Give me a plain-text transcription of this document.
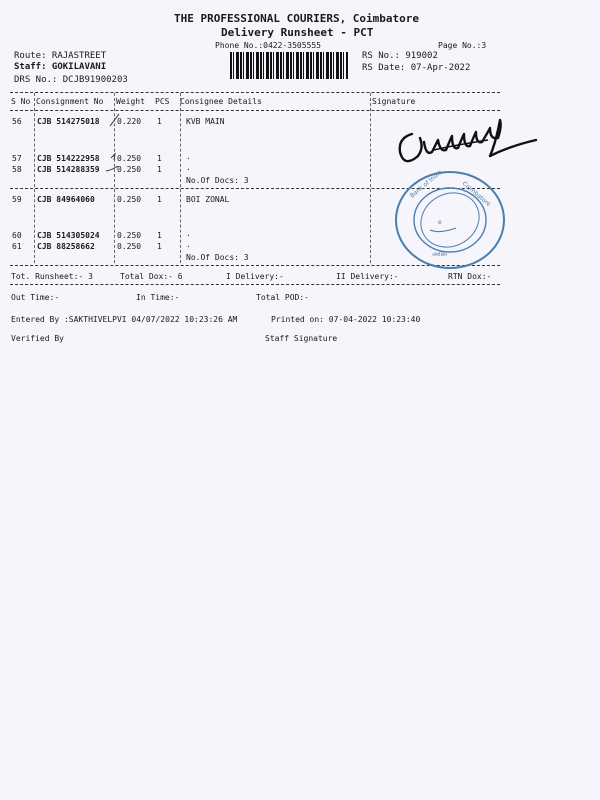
THE PROFESSIONAL COURIERS, Coimbatore
Delivery Runsheet - PCT
Phone No.:0422-3505555	Page No.:3
Route: RAJASTREET
Staff: GOKILAVANI
DRS No.: DCJB91900203
RS No.: 919002
RS Date: 07-Apr-2022
S No Consignment No Weight PCS Consignee Details	Signature
56 CJB 514275018 0.220 1	KVB MAIN
57 CJB 514222958 0.250 1	.
58 CJB 514288359 0.250 1	.
No.Of Docs: 3
59 CJB 84964060	0.250 1	BOI ZONAL
60 CJB 514305024 0.250 1	.
61 CJB 88258662	0.250 1	.
No.Of Docs: 3
Bank of India	Coimbatore
e
आरक्षित
Tot. Runsheet:- 3	Total Dox:- 6	I Delivery:-	II Delivery:-	RTN Dox:-
Out Time:-	In Time:-	Total POD:-
Entered By :SAKTHIVELPVI 04/07/2022 10:23:26 AM	Printed on: 07-04-2022 10:23:40
Verified By	Staff Signature
